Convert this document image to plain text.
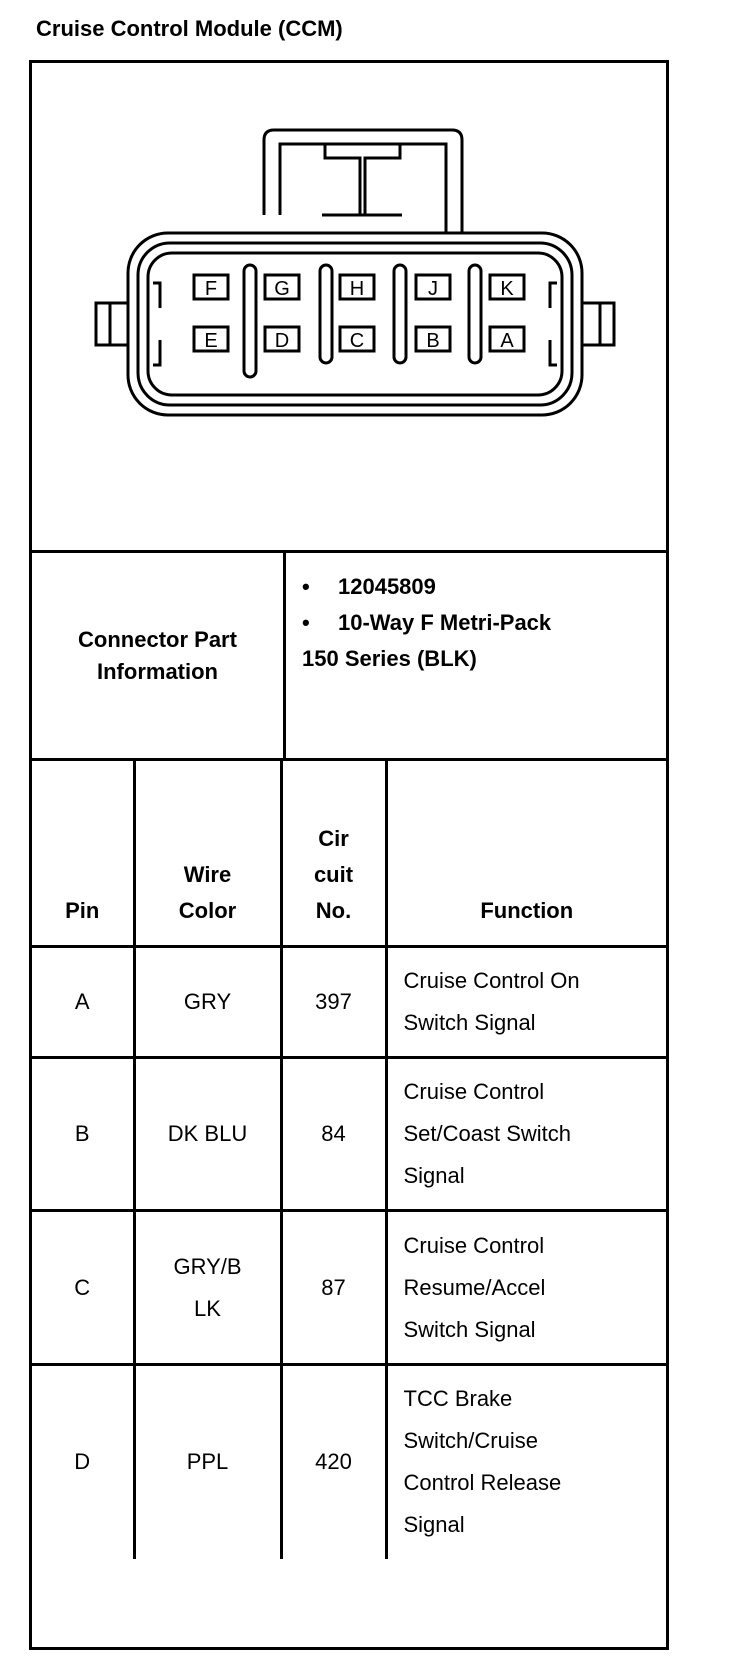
Cruise Control Module (CCM)
F	G	H	J	K
E	D	C	B	A
Connector Part Information
•	12045809
•	10-Way F Metri-Pack
150 Series (BLK)
Pin	Wire Color	Cir cuit No.	Function
A	GRY	397	Cruise Control On Switch Signal
B	DK BLU	84	Cruise Control Set/Coast Switch Signal
C	GRY/B LK	87	Cruise Control Resume/Accel Switch Signal
D	PPL	420	TCC Brake Switch/Cruise Control Release Signal
